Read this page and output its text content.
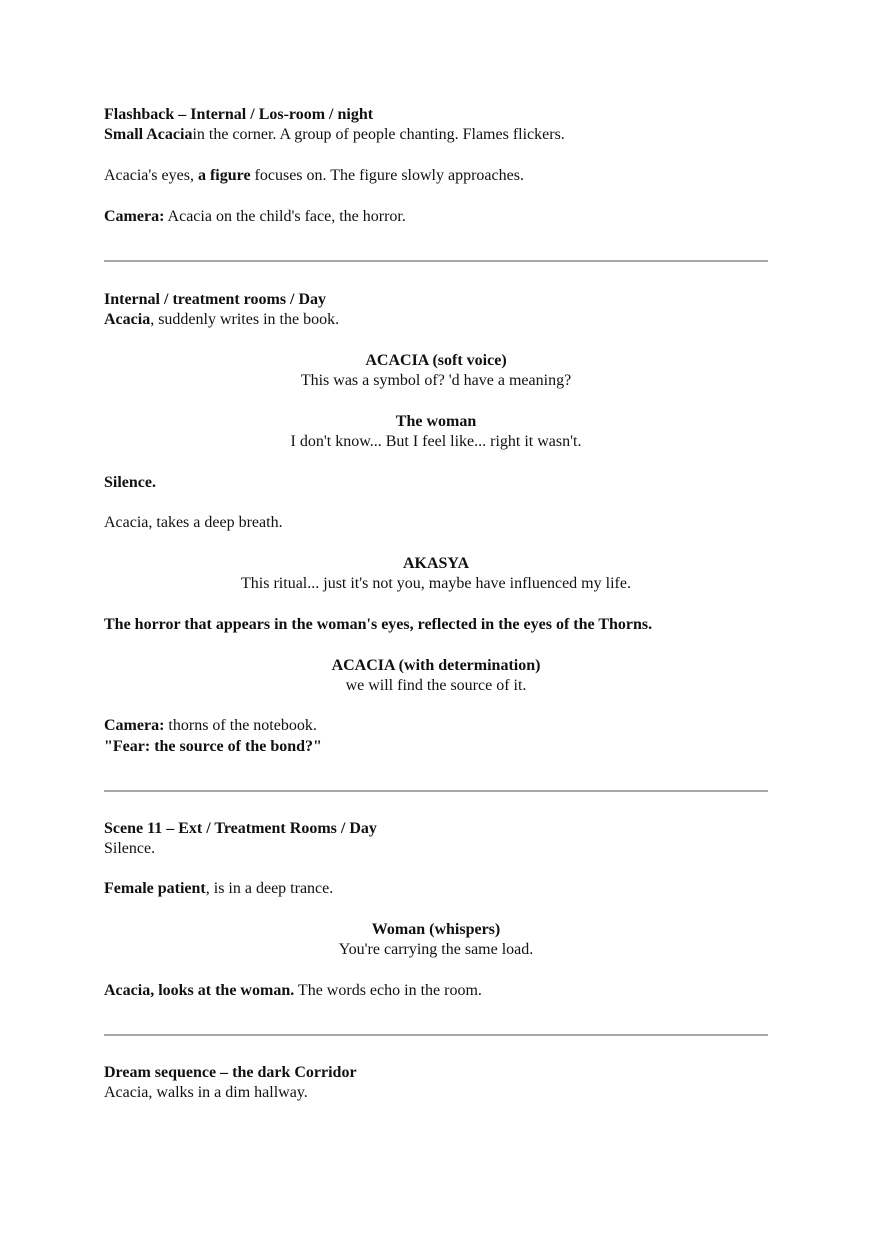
Flashback – Internal / Los-room / night
Small Acaciain the corner. A group of people chanting. Flames flickers.
Acacia's eyes, a figure focuses on. The figure slowly approaches.
Camera: Acacia on the child's face, the horror.
Internal / treatment rooms / Day
Acacia, suddenly writes in the book.
ACACIA (soft voice)
This was a symbol of? 'd have a meaning?
The woman
I don't know... But I feel like... right it wasn't.
Silence.
Acacia, takes a deep breath.
AKASYA
This ritual... just it's not you, maybe have influenced my life.
The horror that appears in the woman's eyes, reflected in the eyes of the Thorns.
ACACIA (with determination)
we will find the source of it.
Camera: thorns of the notebook.
"Fear: the source of the bond?"
Scene 11 – Ext / Treatment Rooms / Day
Silence.
Female patient, is in a deep trance.
Woman (whispers)
You're carrying the same load.
Acacia, looks at the woman. The words echo in the room.
Dream sequence – the dark Corridor
Acacia, walks in a dim hallway.
